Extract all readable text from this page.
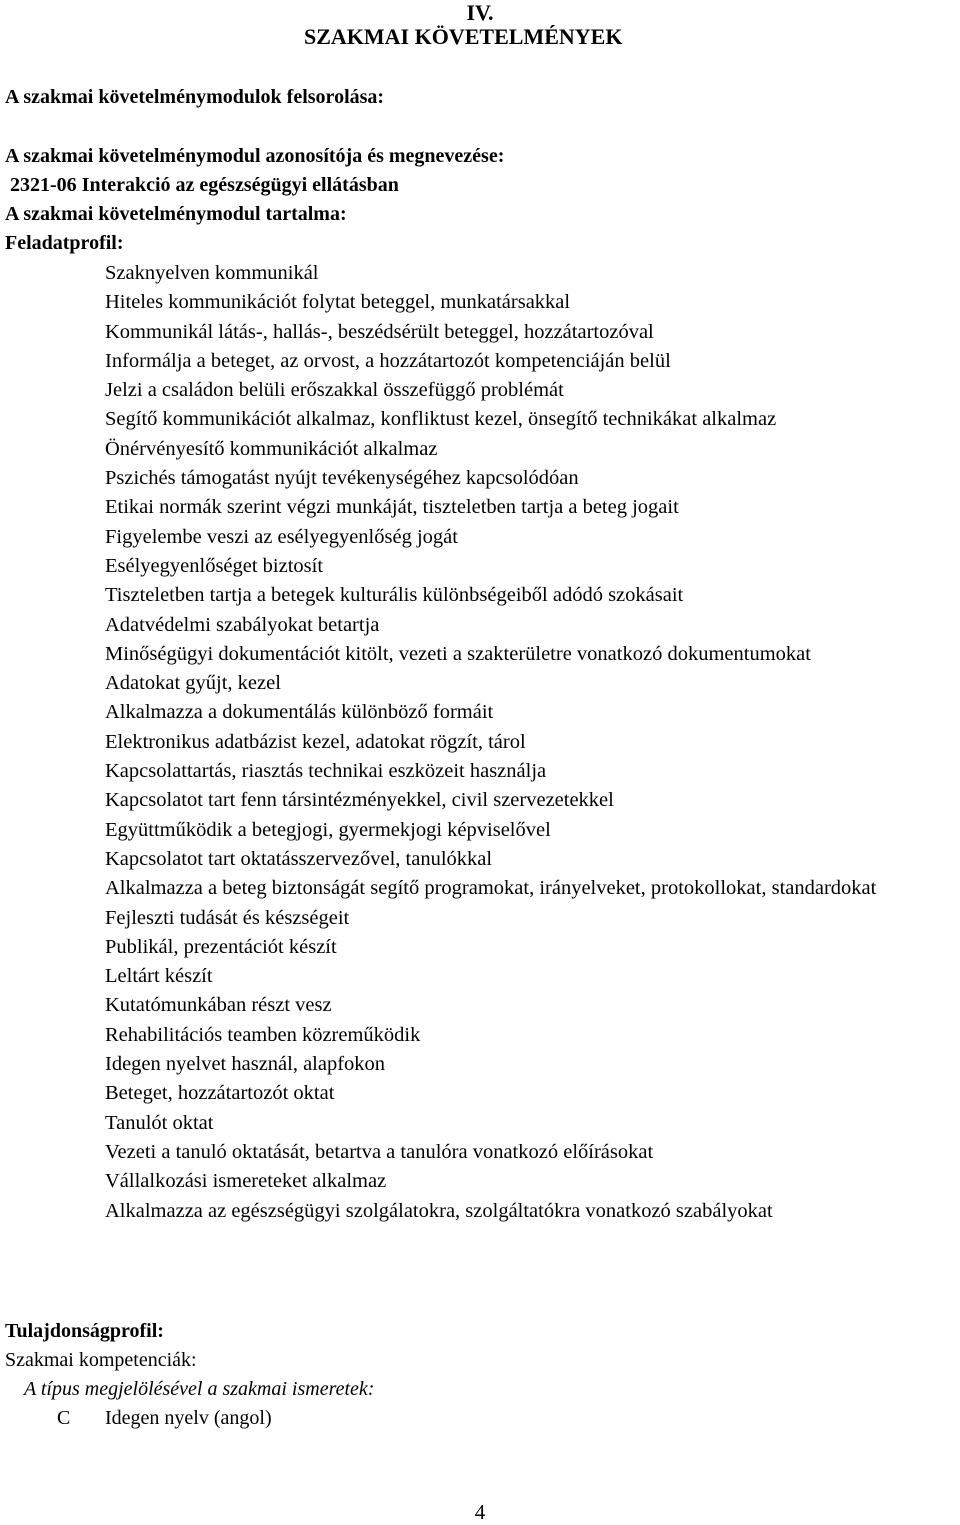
IV.
SZAKMAI KÖVETELMÉNYEK
A szakmai követelménymodulok felsorolása:
A szakmai követelménymodul azonosítója és megnevezése:
2321-06 Interakció az egészségügyi ellátásban
A szakmai követelménymodul tartalma:
Feladatprofil:
Szaknyelven kommunikál
Hiteles kommunikációt folytat beteggel, munkatársakkal
Kommunikál látás-, hallás-, beszédsérült beteggel, hozzátartozóval
Informálja a beteget, az orvost, a hozzátartozót kompetenciáján belül
Jelzi a családon belüli erőszakkal összefüggő problémát
Segítő kommunikációt alkalmaz, konfliktust kezel, önsegítő technikákat alkalmaz
Önérvényesítő kommunikációt alkalmaz
Pszichés támogatást nyújt tevékenységéhez kapcsolódóan
Etikai normák szerint végzi munkáját, tiszteletben tartja a beteg jogait
Figyelembe veszi az esélyegyenlőség jogát
Esélyegyenlőséget biztosít
Tiszteletben tartja a betegek kulturális különbségeiből adódó szokásait
Adatvédelmi szabályokat betartja
Minőségügyi dokumentációt kitölt, vezeti a szakterületre vonatkozó dokumentumokat
Adatokat gyűjt, kezel
Alkalmazza a dokumentálás különböző formáit
Elektronikus adatbázist kezel, adatokat rögzít, tárol
Kapcsolattartás, riasztás technikai eszközeit használja
Kapcsolatot tart fenn társintézményekkel, civil szervezetekkel
Együttműködik a betegjogi, gyermekjogi képviselővel
Kapcsolatot tart oktatásszervezővel, tanulókkal
Alkalmazza a beteg biztonságát segítő programokat, irányelveket, protokollokat, standardokat
Fejleszti tudását és készségeit
Publikál, prezentációt készít
Leltárt készít
Kutatómunkában részt vesz
Rehabilitációs teamben közreműködik
Idegen nyelvet használ, alapfokon
Beteget, hozzátartozót oktat
Tanulót oktat
Vezeti a tanuló oktatását, betartva a tanulóra vonatkozó előírásokat
Vállalkozási ismereteket alkalmaz
Alkalmazza az egészségügyi szolgálatokra, szolgáltatókra vonatkozó szabályokat
Tulajdonságprofil:
Szakmai kompetenciák:
A típus megjelölésével a szakmai ismeretek:
C Idegen nyelv (angol)
4
